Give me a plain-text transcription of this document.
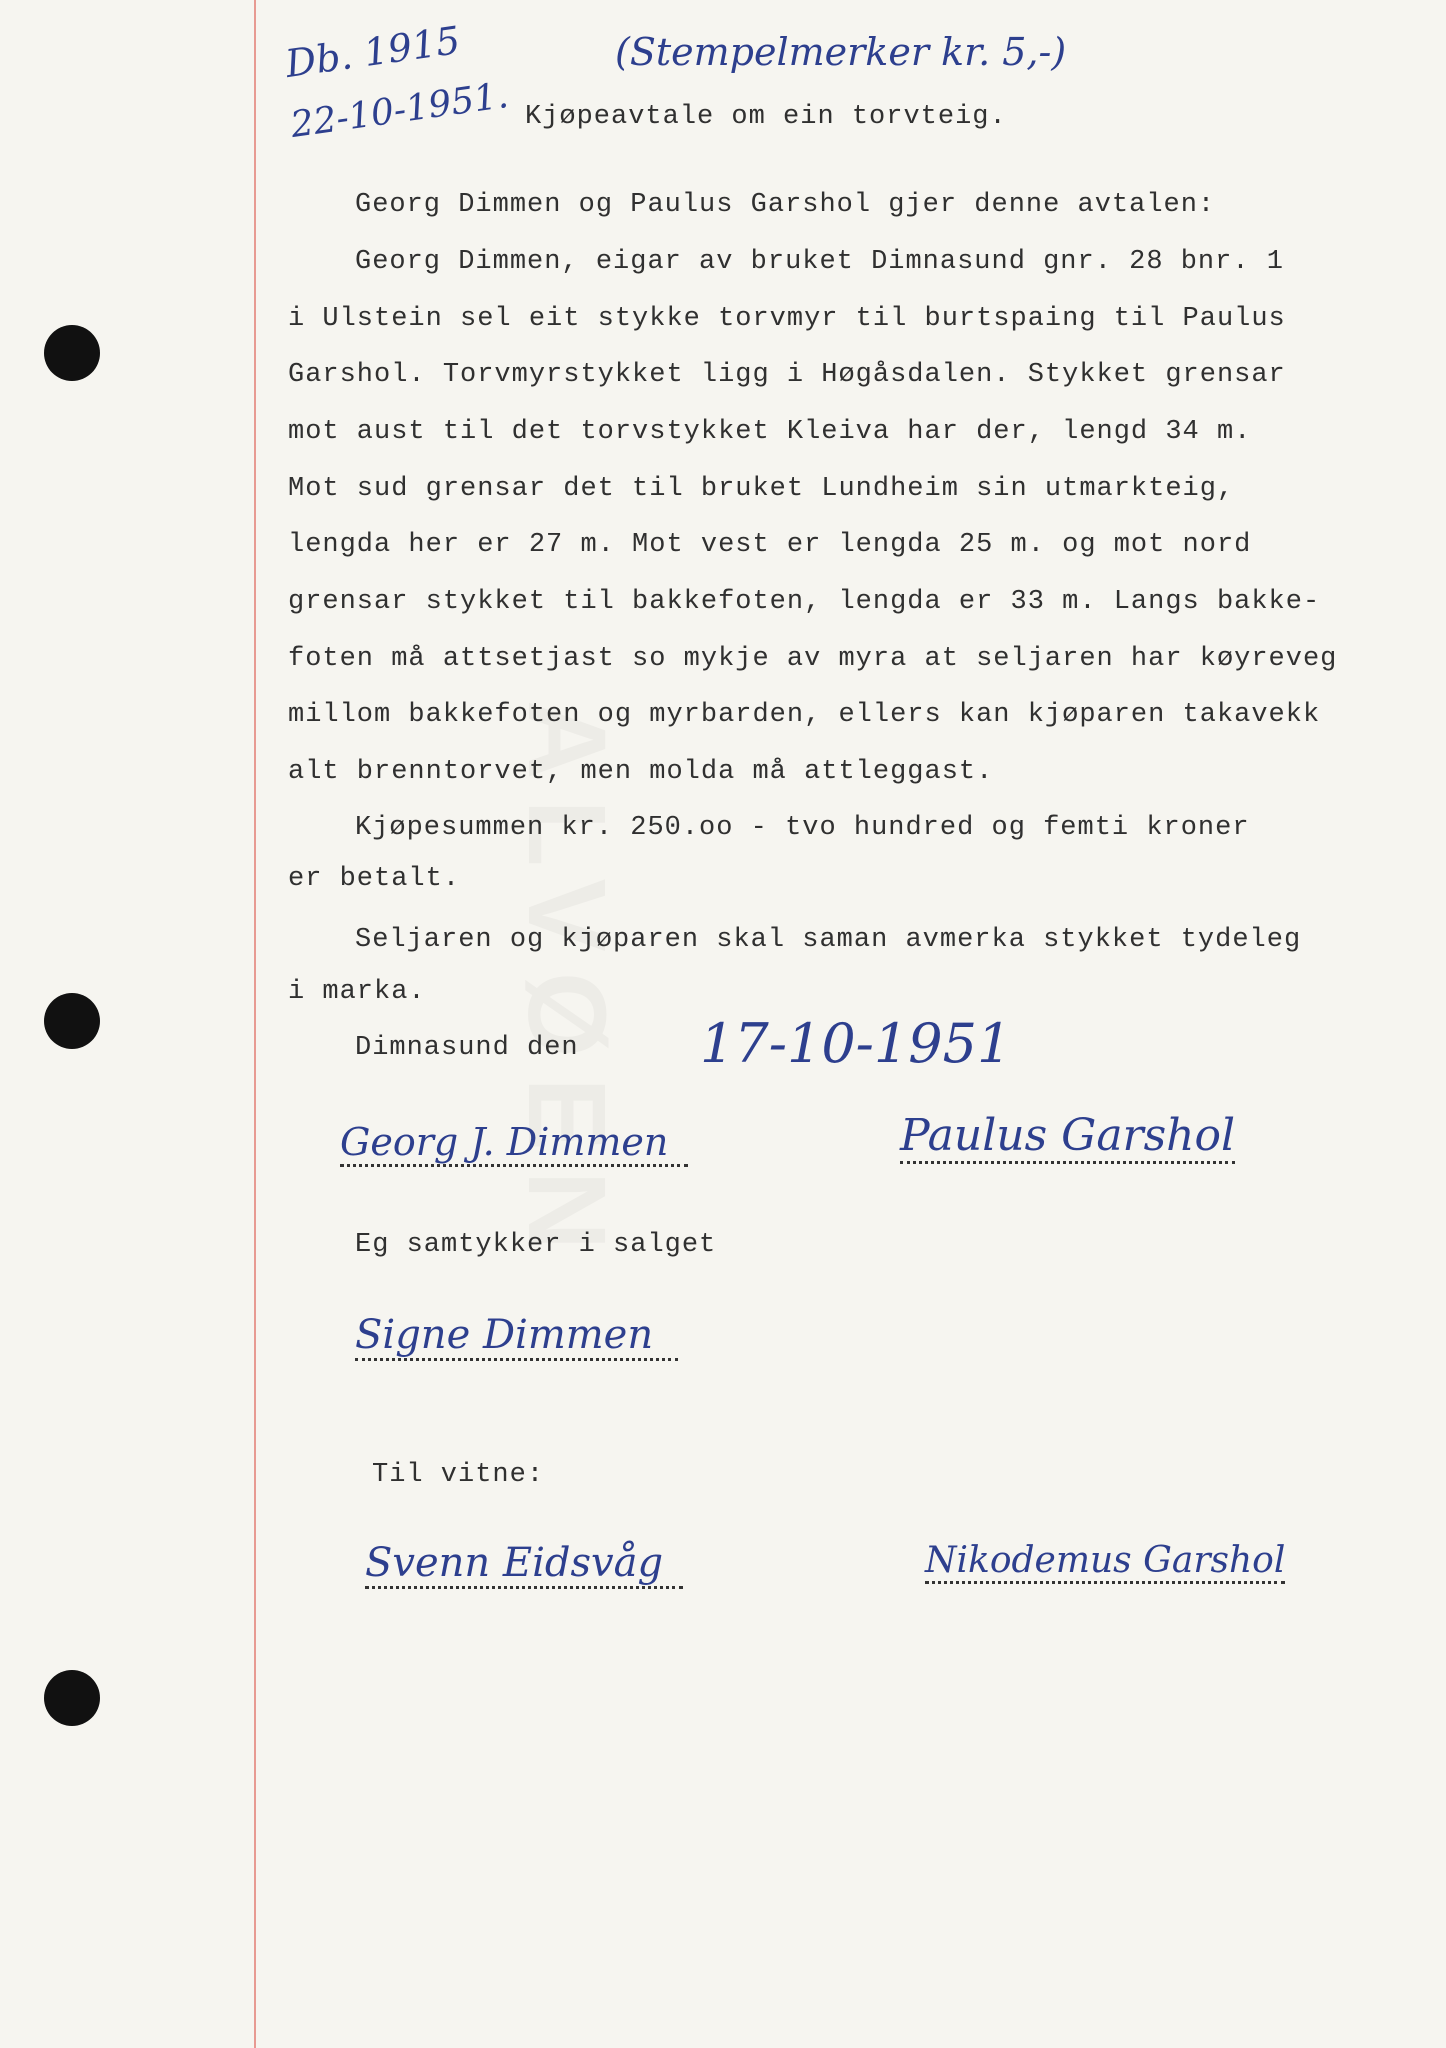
Db. 1915
22-10-1951.
(Stempelmerker kr. 5,-)
Kjøpeavtale om ein torvteig.
Georg Dimmen og Paulus Garshol gjer denne avtalen:
Georg Dimmen, eigar av bruket Dimnasund gnr. 28 bnr. 1
i Ulstein sel eit stykke torvmyr til burtspaing til Paulus
Garshol. Torvmyrstykket ligg i Høgåsdalen. Stykket grensar
mot aust til det torvstykket Kleiva har der, lengd 34 m.
Mot sud grensar det til bruket Lundheim sin utmarkteig,
lengda her er 27 m. Mot vest er lengda 25 m. og mot nord
grensar stykket til bakkefoten, lengda er 33 m. Langs bakke-
foten må attsetjast so mykje av myra at seljaren har køyreveg
millom bakkefoten og myrbarden, ellers kan kjøparen takavekk
alt brenntorvet, men molda må attleggast.
Kjøpesummen kr. 250.oo - tvo hundred og femti kroner
er betalt.
Seljaren og kjøparen skal saman avmerka stykket tydeleg
i marka.
Dimnasund den 17-10-1951
Georg J. Dimmen	Paulus Garshol
Eg samtykker i salget
Signe Dimmen
Til vitne:
Svenn Eidsvåg	Nikodemus Garshol
